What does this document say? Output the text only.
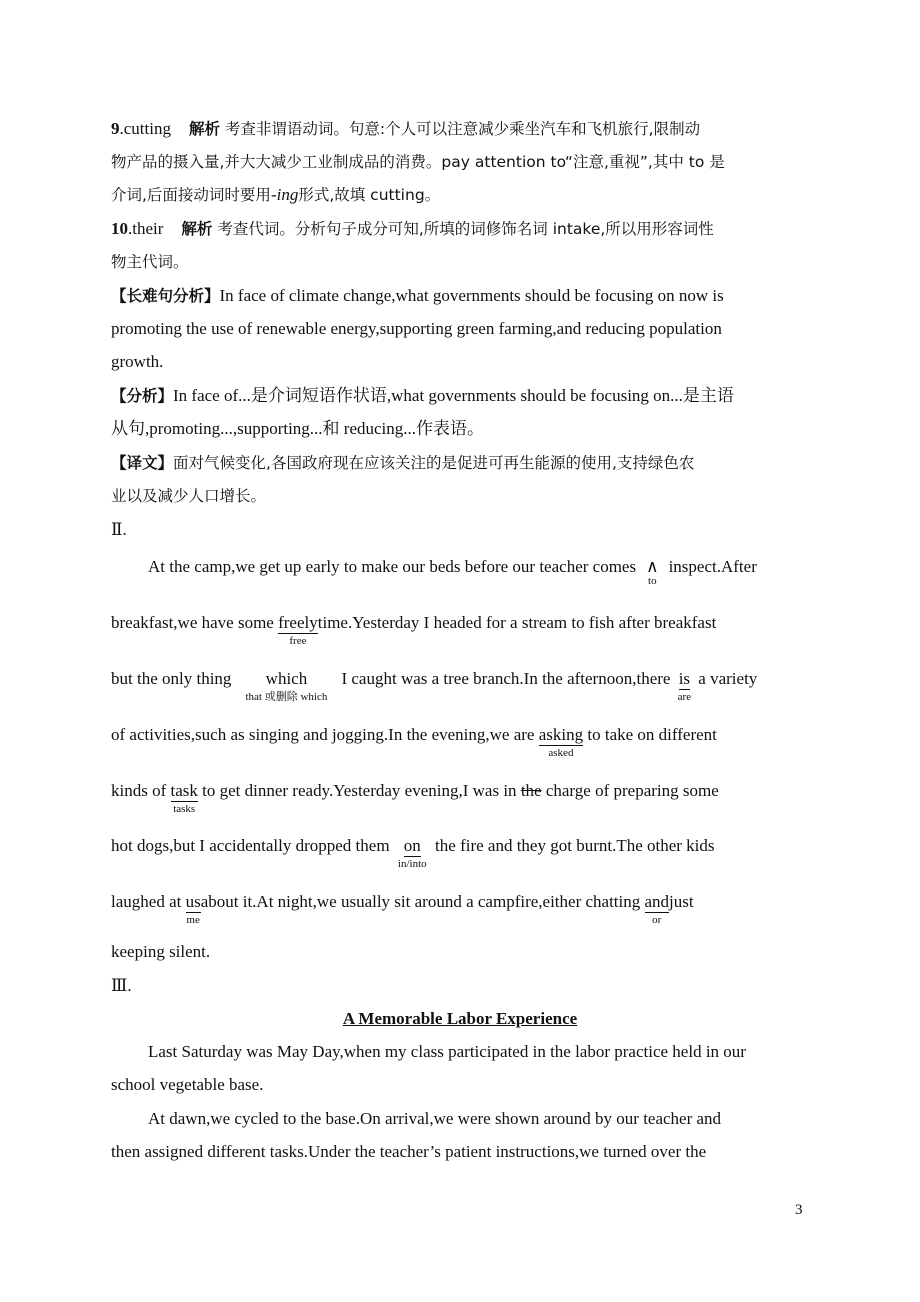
9.cutting 解析 考查非谓语动词。句意:个人可以注意减少乘坐汽车和飞机旅行,限制动
物产品的摄入量,并大大减少工业制成品的消费。pay attention to“注意,重视”,其中 to 是
介词,后面接动词时要用-ing形式,故填 cutting。
10.their 解析 考查代词。分析句子成分可知,所填的词修饰名词 intake,所以用形容词性
物主代词。
【长难句分析】In face of climate change,what governments should be focusing on now is
promoting the use of renewable energy,supporting green farming,and reducing population
growth.
【分析】In face of...是介词短语作状语,what governments should be focusing on...是主语
从句,promoting...,supporting...和 reducing...作表语。
【译文】面对气候变化,各国政府现在应该关注的是促进可再生能源的使用,支持绿色农
业以及减少人口增长。
Ⅱ.
At the camp,we get up early to make our beds before our teacher comes ∧
to
inspect.After
breakfast,we have some freely
free
time.Yesterday I headed for a stream to fish after breakfast
but the only thing which
that 或删除 which
I caught was a tree branch.In the afternoon,there is
are
a variety
of activities,such as singing and jogging.In the evening,we are asking
asked
to take on different
kinds of task
tasks
to get dinner ready.Yesterday evening,I was in the charge of preparing some
hot dogs,but I accidentally dropped them on
in/into
the fire and they got burnt.The other kids
laughed at us
me
about it.At night,we usually sit around a campfire,either chatting and
or
just
keeping silent.
Ⅲ.
A Memorable Labor Experience
Last Saturday was May Day,when my class participated in the labor practice held in our
school vegetable base.
At dawn,we cycled to the base.On arrival,we were shown around by our teacher and
then assigned different tasks.Under the teacher’s patient instructions,we turned over the
3
